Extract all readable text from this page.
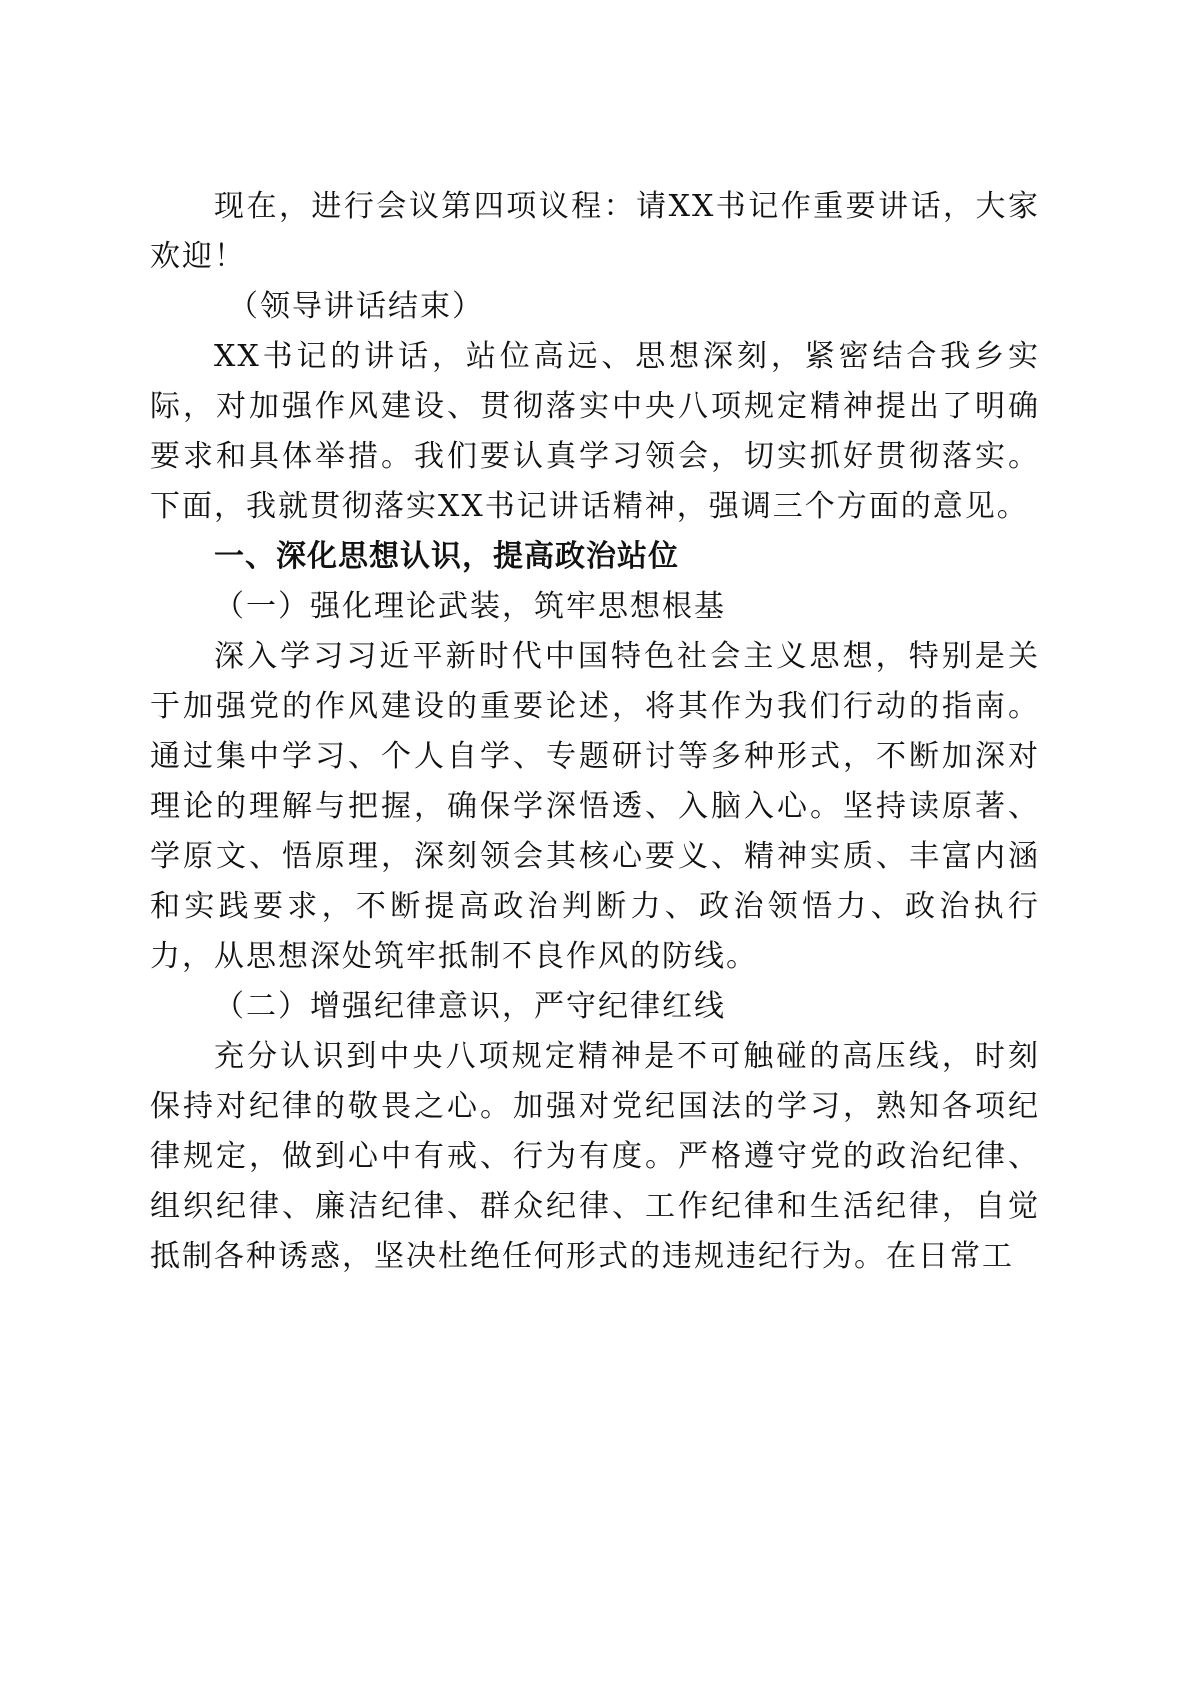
现在，进行会议第四项议程：请XX书记作重要讲话，大家欢迎！

（领导讲话结束）

XX书记的讲话，站位高远、思想深刻，紧密结合我乡实际，对加强作风建设、贯彻落实中央八项规定精神提出了明确要求和具体举措。我们要认真学习领会，切实抓好贯彻落实。下面，我就贯彻落实XX书记讲话精神，强调三个方面的意见。

一、深化思想认识，提高政治站位

（一）强化理论武装，筑牢思想根基

深入学习习近平新时代中国特色社会主义思想，特别是关于加强党的作风建设的重要论述，将其作为我们行动的指南。通过集中学习、个人自学、专题研讨等多种形式，不断加深对理论的理解与把握，确保学深悟透、入脑入心。坚持读原著、学原文、悟原理，深刻领会其核心要义、精神实质、丰富内涵和实践要求，不断提高政治判断力、政治领悟力、政治执行力，从思想深处筑牢抵制不良作风的防线。

（二）增强纪律意识，严守纪律红线

充分认识到中央八项规定精神是不可触碰的高压线，时刻保持对纪律的敬畏之心。加强对党纪国法的学习，熟知各项纪律规定，做到心中有戒、行为有度。严格遵守党的政治纪律、组织纪律、廉洁纪律、群众纪律、工作纪律和生活纪律，自觉抵制各种诱惑，坚决杜绝任何形式的违规违纪行为。在日常工
